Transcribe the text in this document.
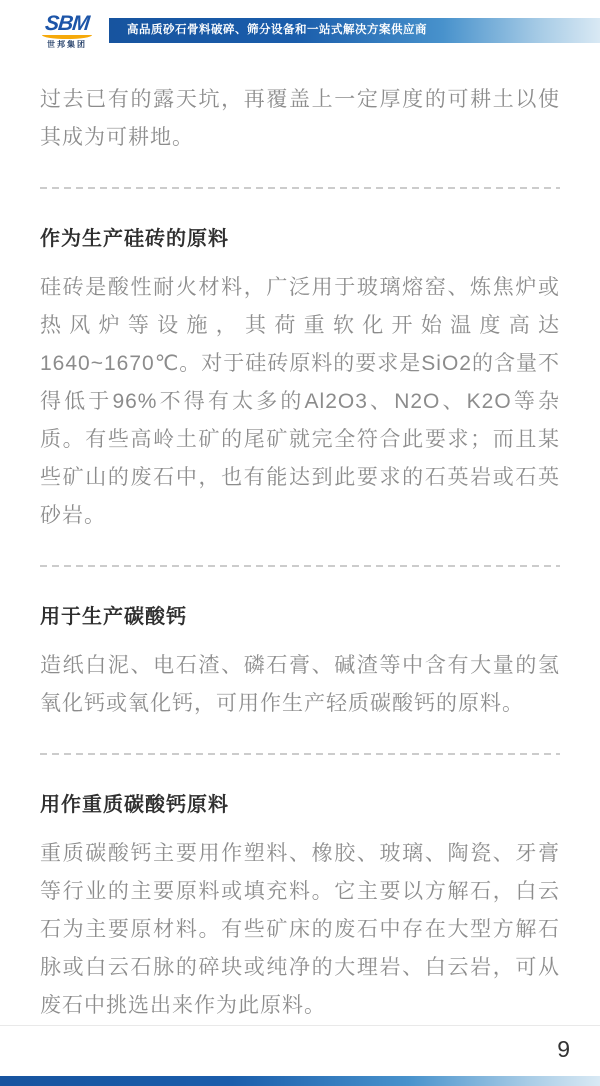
SBM
世邦集团
高品质砂石骨料破碎、筛分设备和一站式解决方案供应商

过去已有的露天坑，再覆盖上一定厚度的可耕土以使其成为可耕地。

作为生产硅砖的原料

硅砖是酸性耐火材料，广泛用于玻璃熔窑、炼焦炉或热风炉等设施，其荷重软化开始温度高达1640~1670℃。对于硅砖原料的要求是SiO2的含量不得低于96%不得有太多的Al2O3、N2O、K2O等杂质。有些高岭土矿的尾矿就完全符合此要求；而且某些矿山的废石中，也有能达到此要求的石英岩或石英砂岩。

用于生产碳酸钙

造纸白泥、电石渣、磷石膏、碱渣等中含有大量的氢氧化钙或氧化钙，可用作生产轻质碳酸钙的原料。

用作重质碳酸钙原料

重质碳酸钙主要用作塑料、橡胶、玻璃、陶瓷、牙膏等行业的主要原料或填充料。它主要以方解石，白云石为主要原材料。有些矿床的废石中存在大型方解石脉或白云石脉的碎块或纯净的大理岩、白云岩，可从废石中挑选出来作为此原料。

9
